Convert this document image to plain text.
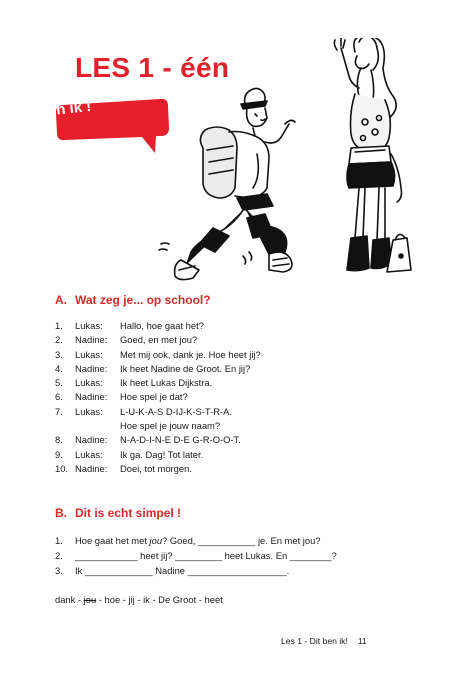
LES 1 - één
Dit ben ik !
A. Wat zeg je... op school?
1. Lukas: Hallo, hoe gaat het?
2. Nadine: Goed, en met jou?
3. Lukas: Met mij ook, dank je. Hoe heet jij?
4. Nadine: Ik heet Nadine de Groot. En jij?
5. Lukas: Ik heet Lukas Dijkstra.
6. Nadine: Hoe spel je dat?
7. Lukas: L-U-K-A-S D-IJ-K-S-T-R-A.
Hoe spel je jouw naam?
8. Nadine: N-A-D-I-N-E D-E G-R-O-O-T.
9. Lukas: Ik ga. Dag! Tot later.
10. Nadine: Doei, tot morgen.
B. Dit is echt simpel !
1. Hoe gaat het met jou? Goed, ___________ je. En met jou?
2. ____________ heet jij? _________ heet Lukas. En ________?
3. Ik _____________ Nadine ___________________.
dank - jou - hoe - jij - ik - De Groot - heet
Les 1 - Dit ben ik! 11
